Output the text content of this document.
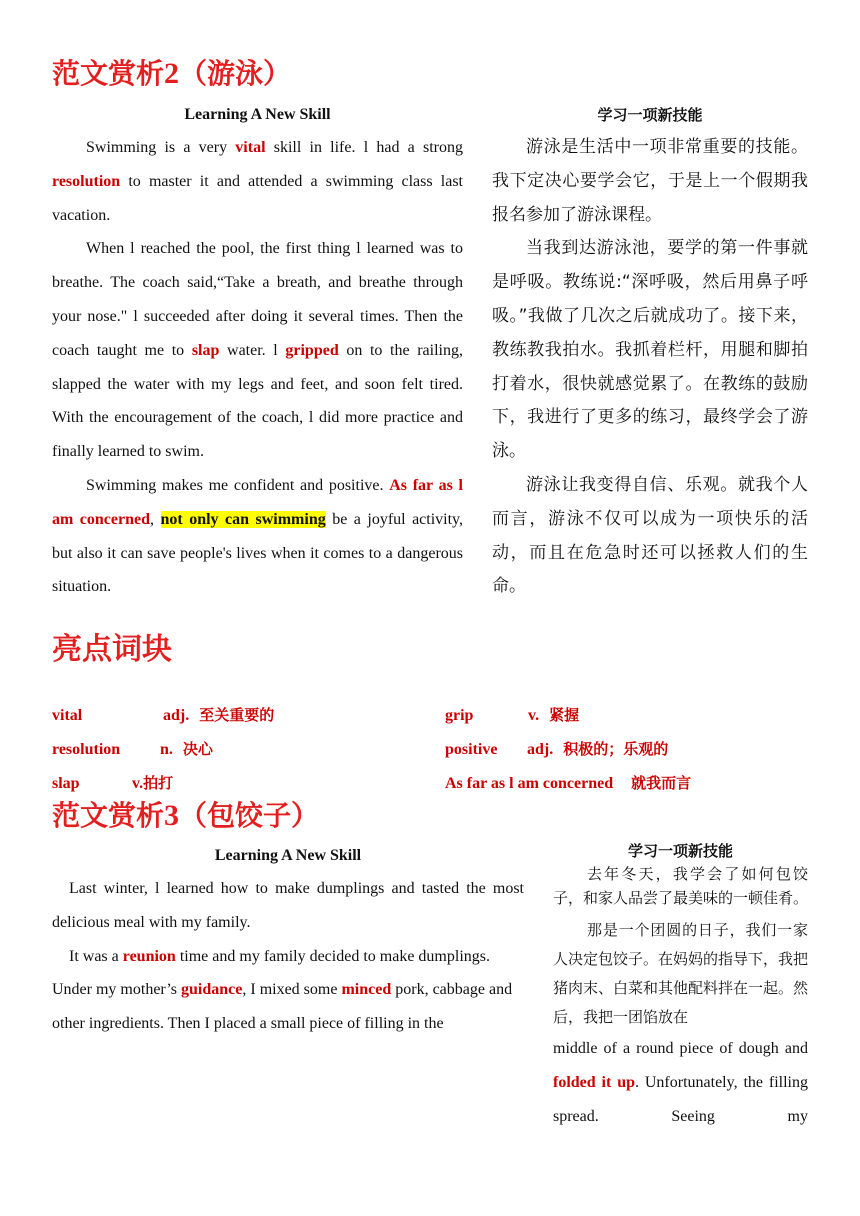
范文赏析2（游泳）
Learning A New Skill

Swimming is a very vital skill in life. l had a strong resolution to master it and attended a swimming class last vacation.

When l reached the pool, the first thing l learned was to breathe. The coach said,“Take a breath, and breathe through your nose." l succeeded after doing it several times. Then the coach taught me to slap water. l gripped on to the railing, slapped the water with my legs and feet, and soon felt tired. With the encouragement of the coach, l did more practice and finally learned to swim.

Swimming makes me confident and positive. As far as l am concerned, not only can swimming be a joyful activity, but also it can save people's lives when it comes to a dangerous situation.

学习一项新技能

游泳是生活中一项非常重要的技能。我下定决心要学会它，于是上一个假期我报名参加了游泳课程。

当我到达游泳池，要学的第一件事就是呼吸。教练说:“深呼吸，然后用鼻子呼吸。”我做了几次之后就成功了。接下来，教练教我拍水。我抓着栏杆，用腿和脚拍打着水，很快就感觉累了。在教练的鼓励下，我进行了更多的练习，最终学会了游泳。

游泳让我变得自信、乐观。就我个人而言，游泳不仅可以成为一项快乐的活动，而且在危急时还可以拯救人们的生命。

亮点词块
vital	adj. 至关重要的	grip	v. 紧握
resolution n. 决心	positive adj. 积极的；乐观的
slap	v.拍打	As far as l am concerned 就我而言
范文赏析3（包饺子）
Learning A New Skill

Last winter, l learned how to make dumplings and tasted the most delicious meal with my family.

It was a reunion time and my family decided to make dumplings. Under my mother’s guidance, I mixed some minced pork, cabbage and other ingredients. Then I placed a small piece of filling in the

学习一项新技能

去年冬天，我学会了如何包饺子，和家人品尝了最美味的一顿佳肴。

那是一个团圆的日子，我们一家人决定包饺子。在妈妈的指导下，我把猪肉末、白菜和其他配料拌在一起。然后，我把一团馅放在

middle of a round piece of dough and folded it up. Unfortunately, the filling spread. Seeing my
